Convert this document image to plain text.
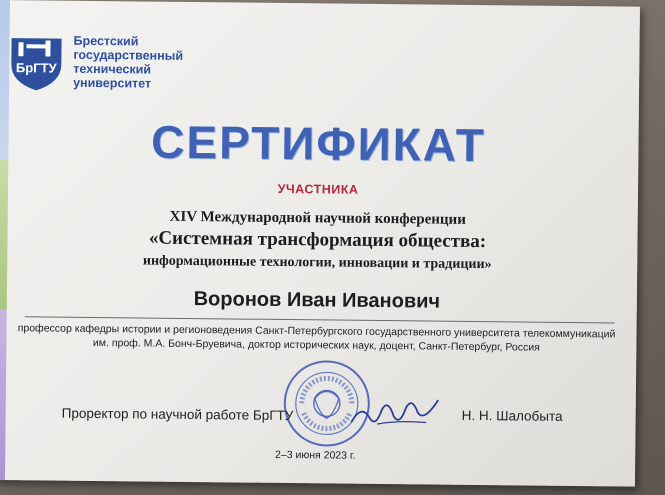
БрГТУ
Брестский
государственный
технический
университет
СЕРТИФИКАТ
УЧАСТНИКА
XIV Международной научной конференции
«Системная трансформация общества:
информационные технологии, инновации и традиции»
Воронов Иван Иванович
профессор кафедры истории и регионоведения Санкт-Петербургского государственного университета телекоммуникаций
им. проф. М.А. Бонч-Бруевича, доктор исторических наук, доцент, Санкт-Петербург, Россия
Проректор по научной работе БрГТУ	Н. Н. Шалобыта
2–3 июня 2023 г.
